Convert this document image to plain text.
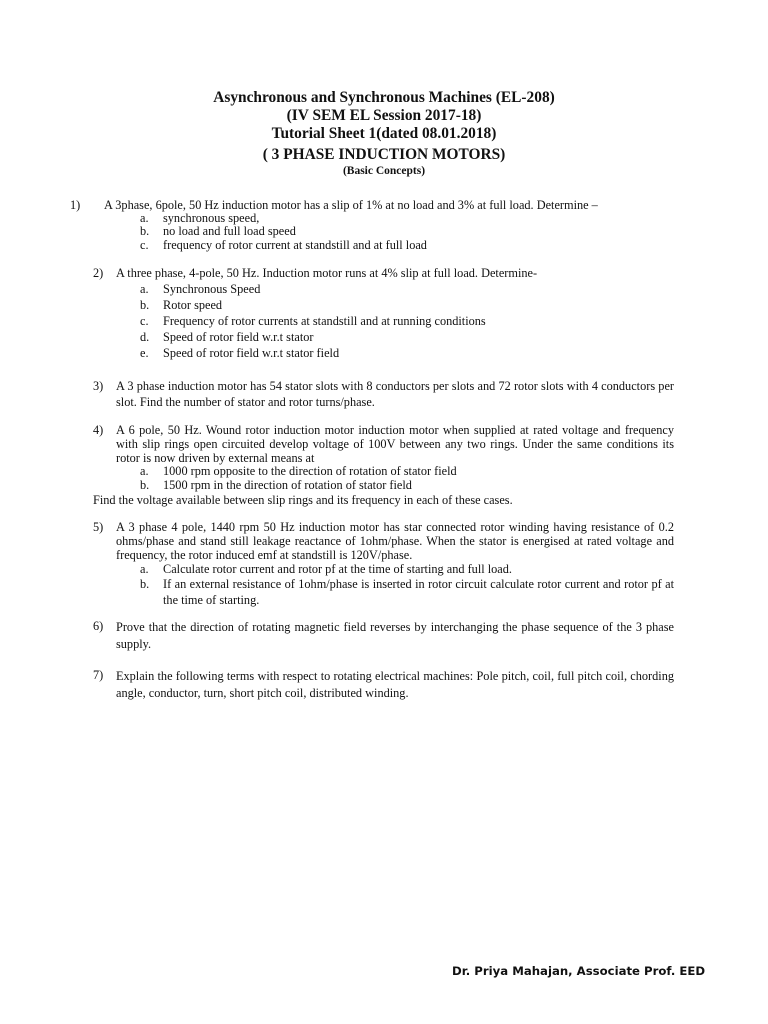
Asynchronous and Synchronous Machines (EL-208)
(IV SEM EL Session 2017-18)
Tutorial Sheet 1(dated 08.01.2018)
( 3 PHASE INDUCTION MOTORS)
(Basic Concepts)
1) A 3phase, 6pole, 50 Hz induction motor has a slip of 1% at no load and 3% at full load. Determine –
a. synchronous speed,
b. no load and full load speed
c. frequency of rotor current at standstill and at full load
2) A three phase, 4-pole, 50 Hz. Induction motor runs at 4% slip at full load. Determine-
a. Synchronous Speed
b. Rotor speed
c. Frequency of rotor currents at standstill and at running conditions
d. Speed of rotor field w.r.t stator
e. Speed of rotor field w.r.t stator field
3) A 3 phase induction motor has 54 stator slots with 8 conductors per slots and 72 rotor slots with 4 conductors per slot. Find the number of stator and rotor turns/phase.
4) A 6 pole, 50 Hz. Wound rotor induction motor induction motor when supplied at rated voltage and frequency with slip rings open circuited develop voltage of 100V between any two rings. Under the same conditions its rotor is now driven by external means at
a. 1000 rpm opposite to the direction of rotation of stator field
b. 1500 rpm in the direction of rotation of stator field
Find the voltage available between slip rings and its frequency in each of these cases.
5) A 3 phase 4 pole, 1440 rpm 50 Hz induction motor has star connected rotor winding having resistance of 0.2 ohms/phase and stand still leakage reactance of 1ohm/phase. When the stator is energised at rated voltage and frequency, the rotor induced emf at standstill is 120V/phase.
a. Calculate rotor current and rotor pf at the time of starting and full load.
b. If an external resistance of 1ohm/phase is inserted in rotor circuit calculate rotor current and rotor pf at the time of starting.
6) Prove that the direction of rotating magnetic field reverses by interchanging the phase sequence of the 3 phase supply.
7) Explain the following terms with respect to rotating electrical machines: Pole pitch, coil, full pitch coil, chording angle, conductor, turn, short pitch coil, distributed winding.
Dr. Priya Mahajan, Associate Prof. EED
